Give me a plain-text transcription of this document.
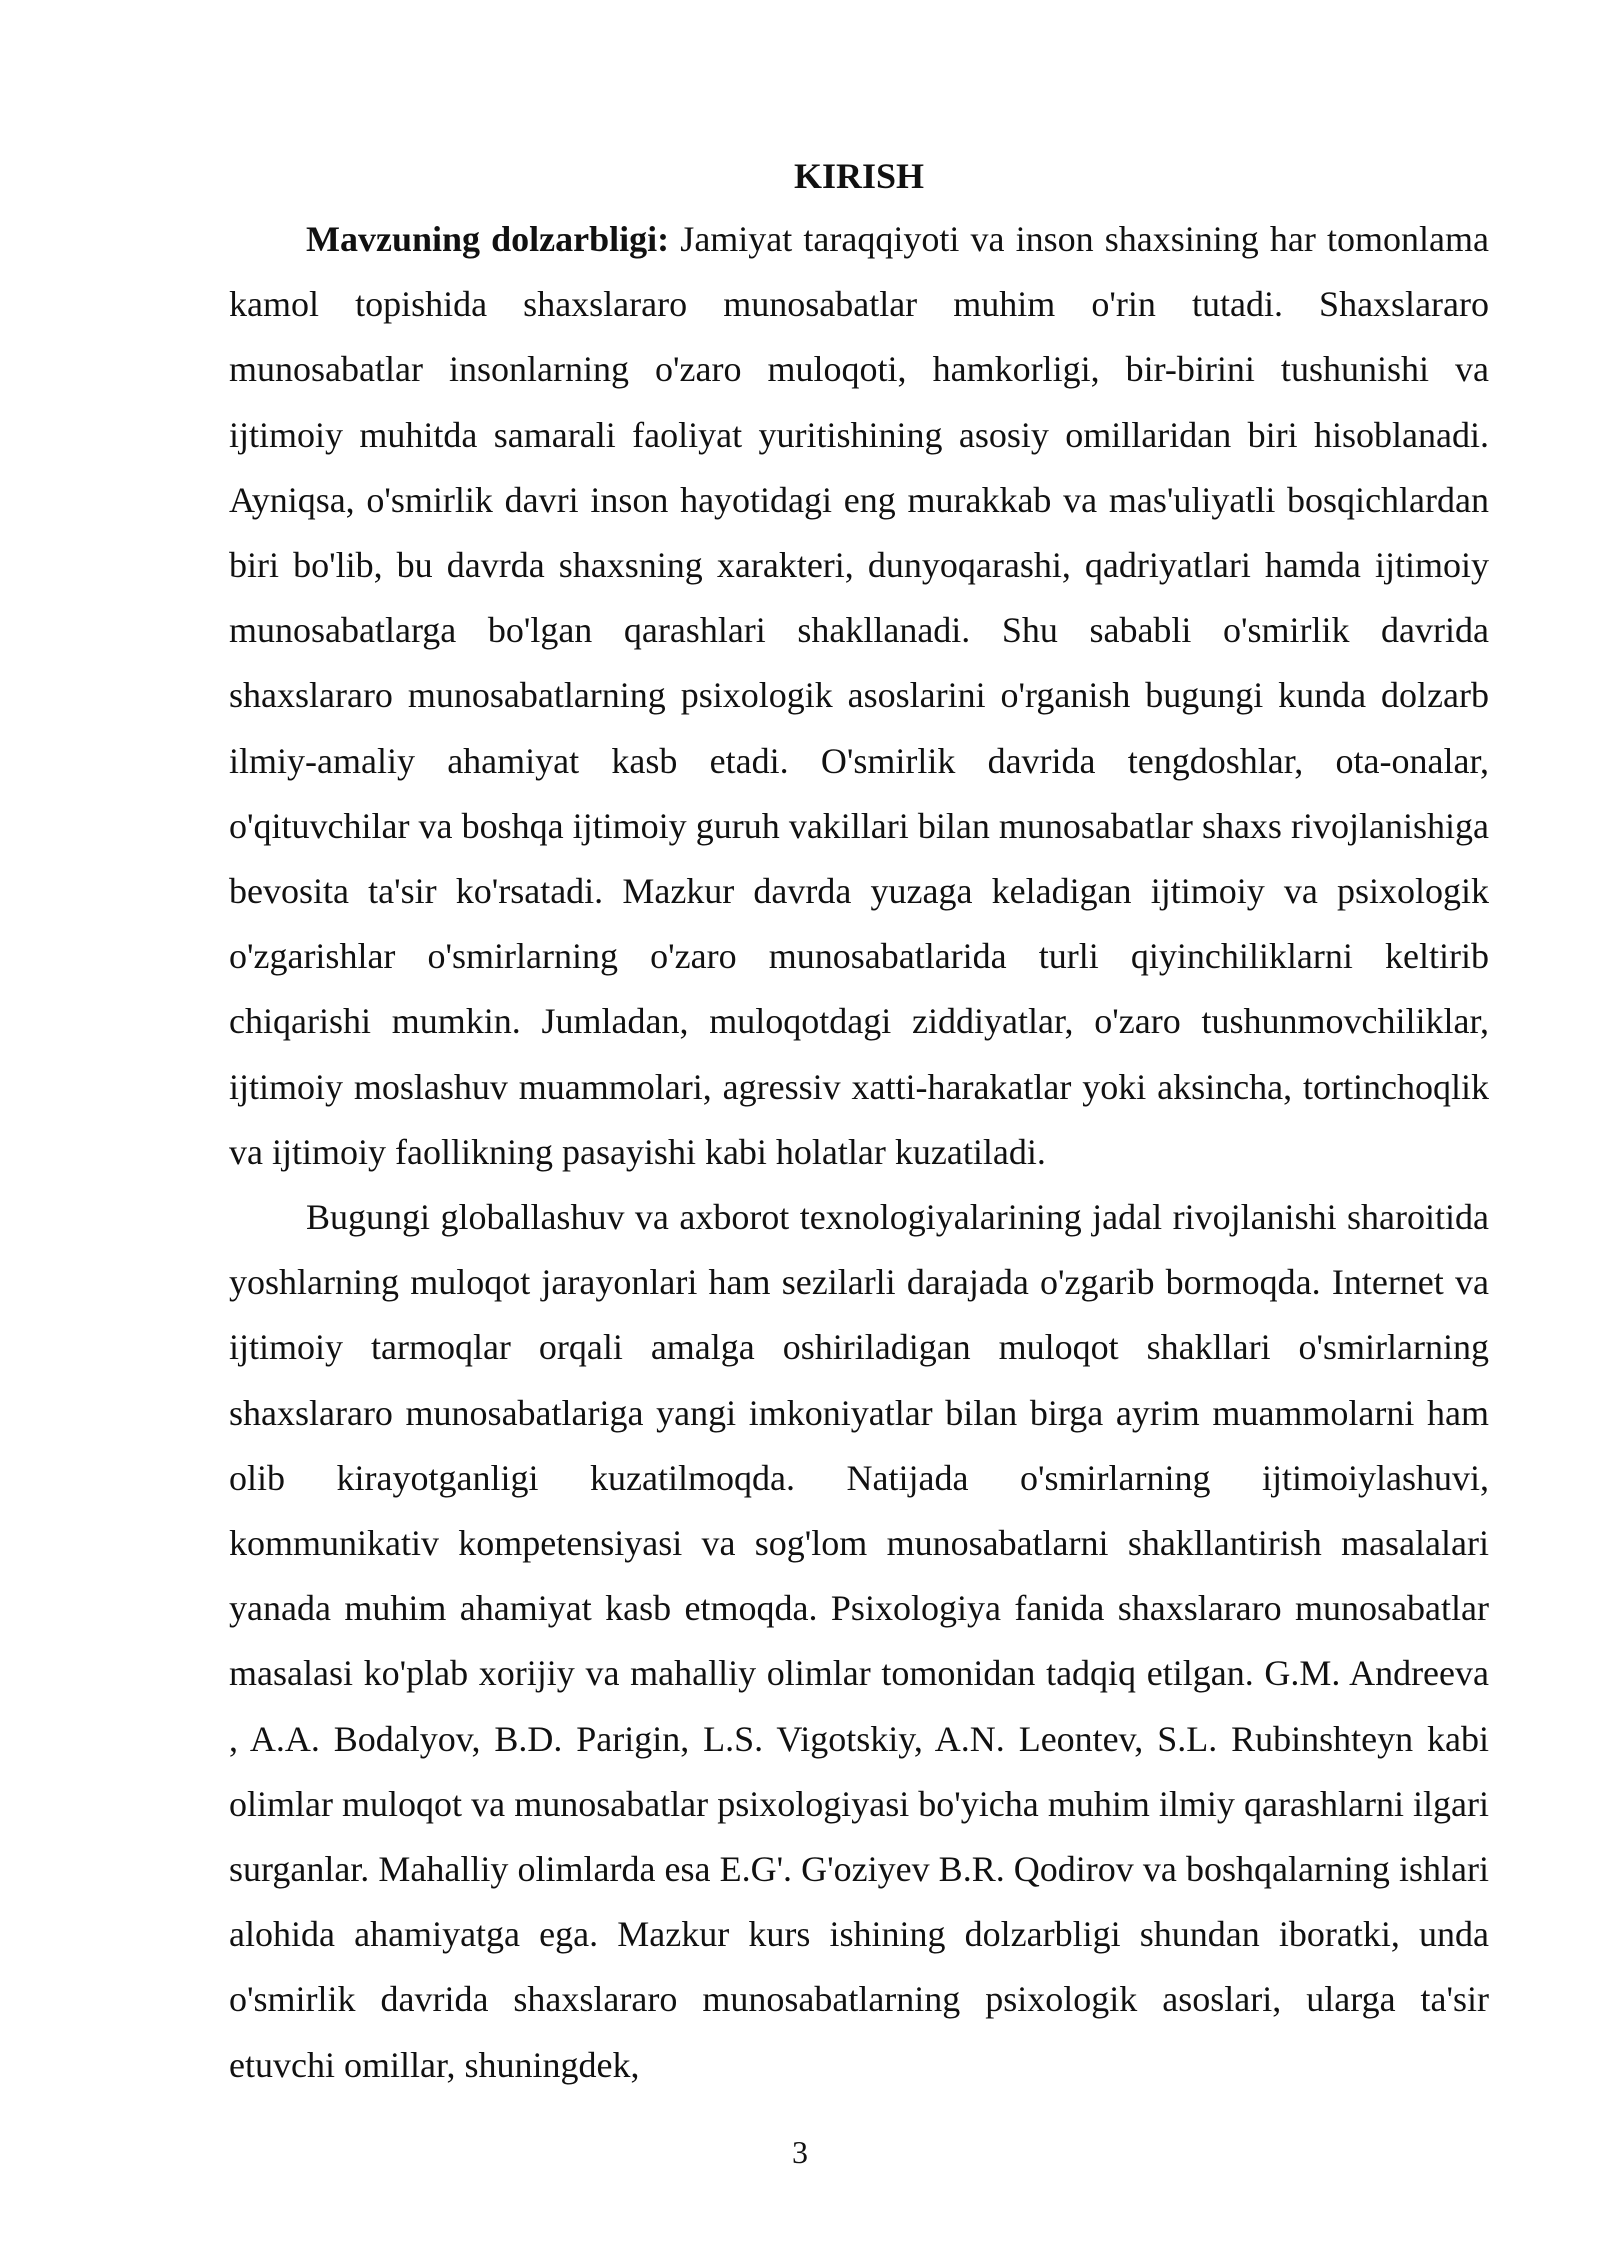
KIRISH

Mavzuning dolzarbligi: Jamiyat taraqqiyoti va inson shaxsining har tomonlama kamol topishida shaxslararo munosabatlar muhim o'rin tutadi. Shaxslararo munosabatlar insonlarning o'zaro muloqoti, hamkorligi, bir-birini tushunishi va ijtimoiy muhitda samarali faoliyat yuritishining asosiy omillaridan biri hisoblanadi. Ayniqsa, o'smirlik davri inson hayotidagi eng murakkab va mas'uliyatli bosqichlardan biri bo'lib, bu davrda shaxsning xarakteri, dunyoqarashi, qadriyatlari hamda ijtimoiy munosabatlarga bo'lgan qarashlari shakllanadi. Shu sababli o'smirlik davrida shaxslararo munosabatlarning psixologik asoslarini o'rganish bugungi kunda dolzarb ilmiy-amaliy ahamiyat kasb etadi. O'smirlik davrida tengdoshlar, ota-onalar, o'qituvchilar va boshqa ijtimoiy guruh vakillari bilan munosabatlar shaxs rivojlanishiga bevosita ta'sir ko'rsatadi. Mazkur davrda yuzaga keladigan ijtimoiy va psixologik o'zgarishlar o'smirlarning o'zaro munosabatlarida turli qiyinchiliklarni keltirib chiqarishi mumkin. Jumladan, muloqotdagi ziddiyatlar, o'zaro tushunmovchiliklar, ijtimoiy moslashuv muammolari, agressiv xatti-harakatlar yoki aksincha, tortinchoqlik va ijtimoiy faollikning pasayishi kabi holatlar kuzatiladi.

Bugungi globallashuv va axborot texnologiyalarining jadal rivojlanishi sharoitida yoshlarning muloqot jarayonlari ham sezilarli darajada o'zgarib bormoqda. Internet va ijtimoiy tarmoqlar orqali amalga oshiriladigan muloqot shakllari o'smirlarning shaxslararo munosabatlariga yangi imkoniyatlar bilan birga ayrim muammolarni ham olib kirayotganligi kuzatilmoqda. Natijada o'smirlarning ijtimoiylashuvi, kommunikativ kompetensiyasi va sog'lom munosabatlarni shakllantirish masalalari yanada muhim ahamiyat kasb etmoqda. Psixologiya fanida shaxslararo munosabatlar masalasi ko'plab xorijiy va mahalliy olimlar tomonidan tadqiq etilgan. G.M. Andreeva , A.A. Bodalyov, B.D. Parigin, L.S. Vigotskiy, A.N. Leontev, S.L. Rubinshteyn kabi olimlar muloqot va munosabatlar psixologiyasi bo'yicha muhim ilmiy qarashlarni ilgari surganlar. Mahalliy olimlarda esa E.G'. G'oziyev B.R. Qodirov va boshqalarning ishlari alohida ahamiyatga ega. Mazkur kurs ishining dolzarbligi shundan iboratki, unda o'smirlik davrida shaxslararo munosabatlarning psixologik asoslari, ularga ta'sir etuvchi omillar, shuningdek,

3
